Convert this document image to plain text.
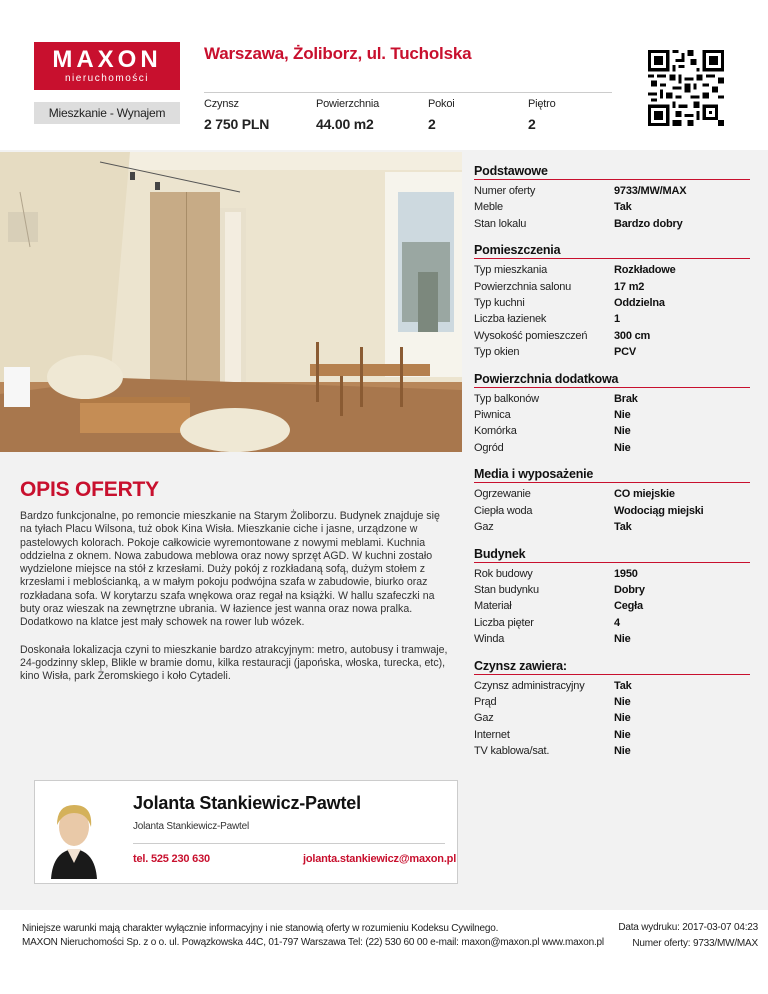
MAXON
nieruchomości
Warszawa, Żoliborz, ul. Tucholska
Mieszkanie - Wynajem
Czynsz
2 750 PLN
Powierzchnia
44.00 m2
Pokoi
2
Piętro
2
OPIS OFERTY

Bardzo funkcjonalne, po remoncie mieszkanie na Starym Żoliborzu. Budynek znajduje się na tyłach Placu Wilsona, tuż obok Kina Wisła. Mieszkanie ciche i jasne, urządzone w pastelowych kolorach. Pokoje całkowicie wyremontowane z nowymi meblami. Kuchnia oddzielna z oknem. Nowa zabudowa meblowa oraz nowy sprzęt AGD. W kuchni zostało wydzielone miejsce na stół z krzesłami. Duży pokój z rozkładaną sofą, dużym stołem z krzesłami i meblościanką, a w małym pokoju podwójna szafa w zabudowie, biurko oraz rozkładana sofa. W korytarzu szafa wnękowa oraz regał na książki. W hallu szafeczki na buty oraz wieszak na zewnętrzne ubrania. W łazience jest wanna oraz nowa pralka. Dodatkowo na klatce jest mały schowek na rower lub wózek.

Doskonała lokalizacja czyni to mieszkanie bardzo atrakcyjnym: metro, autobusy i tramwaje, 24-godzinny sklep, Blikle w bramie domu, kilka restauracji (japońska, włoska, turecka, etc), kino Wisła, park Żeromskiego i koło Cytadeli.

Podstawowe
Numer oferty	9733/MW/MAX
Meble	Tak
Stan lokalu	Bardzo dobry
Pomieszczenia
Typ mieszkania	Rozkładowe
Powierzchnia salonu	17 m2
Typ kuchni	Oddzielna
Liczba łazienek	1
Wysokość pomieszczeń	300 cm
Typ okien	PCV
Powierzchnia dodatkowa
Typ balkonów	Brak
Piwnica	Nie
Komórka	Nie
Ogród	Nie
Media i wyposażenie
Ogrzewanie	CO miejskie
Ciepła woda	Wodociąg miejski
Gaz	Tak
Budynek
Rok budowy	1950
Stan budynku	Dobry
Materiał	Cegła
Liczba pięter	4
Winda	Nie
Czynsz zawiera:
Czynsz administracyjny	Tak
Prąd	Nie
Gaz	Nie
Internet	Nie
TV kablowa/sat.	Nie
Jolanta Stankiewicz-Pawtel
Jolanta Stankiewicz-Pawtel
tel. 525 230 630	jolanta.stankiewicz@maxon.pl
Niniejsze warunki mają charakter wyłącznie informacyjny i nie stanowią oferty w rozumieniu Kodeksu Cywilnego.
MAXON Nieruchomości Sp. z o o. ul. Powązkowska 44C, 01-797 Warszawa Tel: (22) 530 60 00 e-mail: maxon@maxon.pl www.maxon.pl
Data wydruku: 2017-03-07 04:23
Numer oferty: 9733/MW/MAX
